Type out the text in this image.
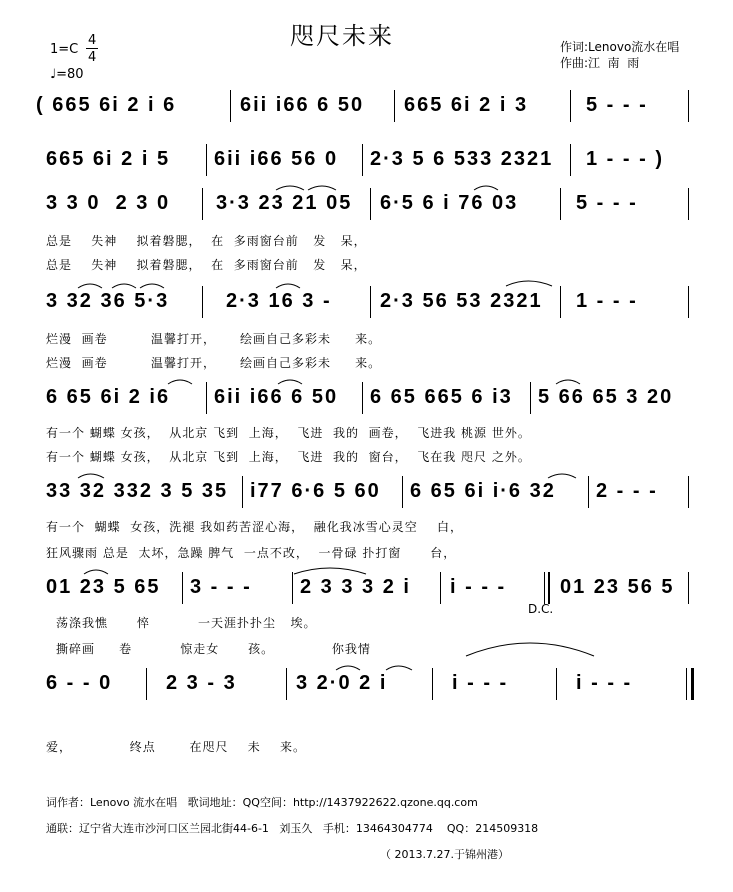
咫尺未来
1=C
4
4
♩=80
作词:Lenovo流水在唱
作曲:江  南  雨
( 665 6i 2 i 6	6ii i66 6 50 665 6i 2 i 3	5 - - -
665 6i 2 i 5 6ii i66 56 0 2·3 5 6 533 2321 1 - - - )
3 3 0  2 3 0 3·3 23 21 05 6·5 6 i 76 03	5 - - -
总是    失神    拟着磐腮，  在  多雨窗台前   发   呆，
总是    失神    拟着磐腮，  在  多雨窗台前   发   呆，
3 32 36 5·3	2·3 16 3 - 2·3 56 53 2321 1 - - -
烂漫  画卷         温馨打开，     绘画自己多彩未     来。
烂漫  画卷         温馨打开，     绘画自己多彩未     来。
6 65 6i 2 i6 6ii i66 6 50 6 65 665 6 i3 5 66 65 3 20
有一个 蝴蝶 女孩，  从北京 飞到  上海，  飞进  我的  画卷，  飞进我 桃源 世外。
有一个 蝴蝶 女孩，  从北京 飞到  上海，  飞进  我的  窗台，  飞在我 咫尺 之外。
33 32 332 3 5 35 i77 6·6 5 60 6 65 6i i·6 32 2 - - -
有一个  蝴蝶  女孩，洗褪 我如药苦涩心海，  融化我冰雪心灵空    白，
狂风骤雨 总是  太坏，急躁 脾气  一点不改，  一骨碌 扑打窗      台，
01 23 5 65 3 - - - 2 3 3 3 2 i i - - -	01 23 56 5
D.C.
荡涤我憔      悴          一天涯扑扑尘   埃。
撕碎画     卷          惊走女      孩。            你我情
6 - - 0	2 3 - 3	3 2·0 2 i	i - - -	i - - -
爱，            终点       在咫尺    未    来。
词作者：Lenovo 流水在唱   歌词地址：QQ空间：http://1437922622.qzone.qq.com
通联：辽宁省大连市沙河口区兰园北街44-6-1   刘玉久   手机：13464304774    QQ：214509318
（ 2013.7.27.于锦州港）
